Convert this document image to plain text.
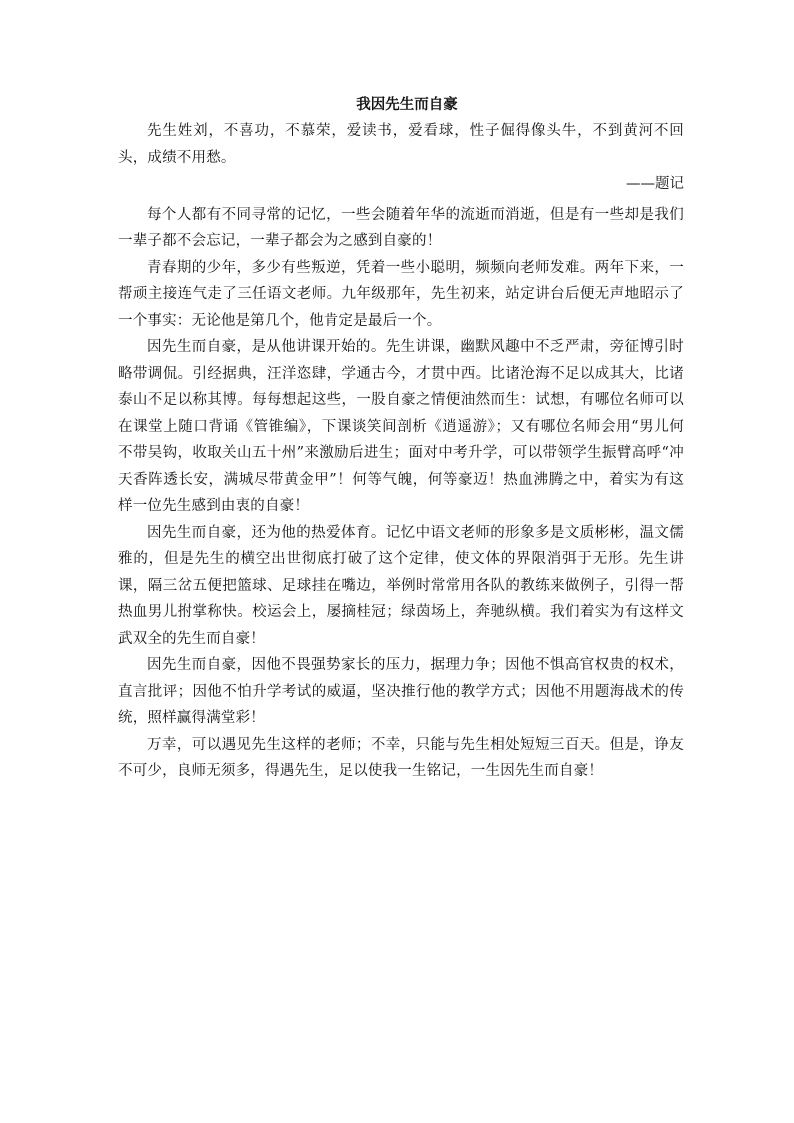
我因先生而自豪

先生姓刘，不喜功，不慕荣，爱读书，爱看球，性子倔得像头牛，不到黄河不回头，成绩不用愁。

——题记

每个人都有不同寻常的记忆，一些会随着年华的流逝而消逝，但是有一些却是我们一辈子都不会忘记，一辈子都会为之感到自豪的！

青春期的少年，多少有些叛逆，凭着一些小聪明，频频向老师发难。两年下来，一帮顽主接连气走了三任语文老师。九年级那年，先生初来，站定讲台后便无声地昭示了一个事实：无论他是第几个，他肯定是最后一个。

因先生而自豪，是从他讲课开始的。先生讲课，幽默风趣中不乏严肃，旁征博引时略带调侃。引经据典，汪洋恣肆，学通古今，才贯中西。比诸沧海不足以成其大，比诸泰山不足以称其博。每每想起这些，一股自豪之情便油然而生：试想，有哪位名师可以在课堂上随口背诵《管锥编》，下课谈笑间剖析《逍遥游》；又有哪位名师会用“男儿何不带吴钩，收取关山五十州”来激励后进生；面对中考升学，可以带领学生振臂高呼“冲天香阵透长安，满城尽带黄金甲”！何等气魄，何等豪迈！热血沸腾之中，着实为有这样一位先生感到由衷的自豪！

因先生而自豪，还为他的热爱体育。记忆中语文老师的形象多是文质彬彬，温文儒雅的，但是先生的横空出世彻底打破了这个定律，使文体的界限消弭于无形。先生讲课，隔三岔五便把篮球、足球挂在嘴边，举例时常常用各队的教练来做例子，引得一帮热血男儿拊掌称快。校运会上，屡摘桂冠；绿茵场上，奔驰纵横。我们着实为有这样文武双全的先生而自豪！

因先生而自豪，因他不畏强势家长的压力，据理力争；因他不惧高官权贵的权术，直言批评；因他不怕升学考试的威逼，坚决推行他的教学方式；因他不用题海战术的传统，照样赢得满堂彩！

万幸，可以遇见先生这样的老师；不幸，只能与先生相处短短三百天。但是，诤友不可少，良师无须多，得遇先生，足以使我一生铭记，一生因先生而自豪！
